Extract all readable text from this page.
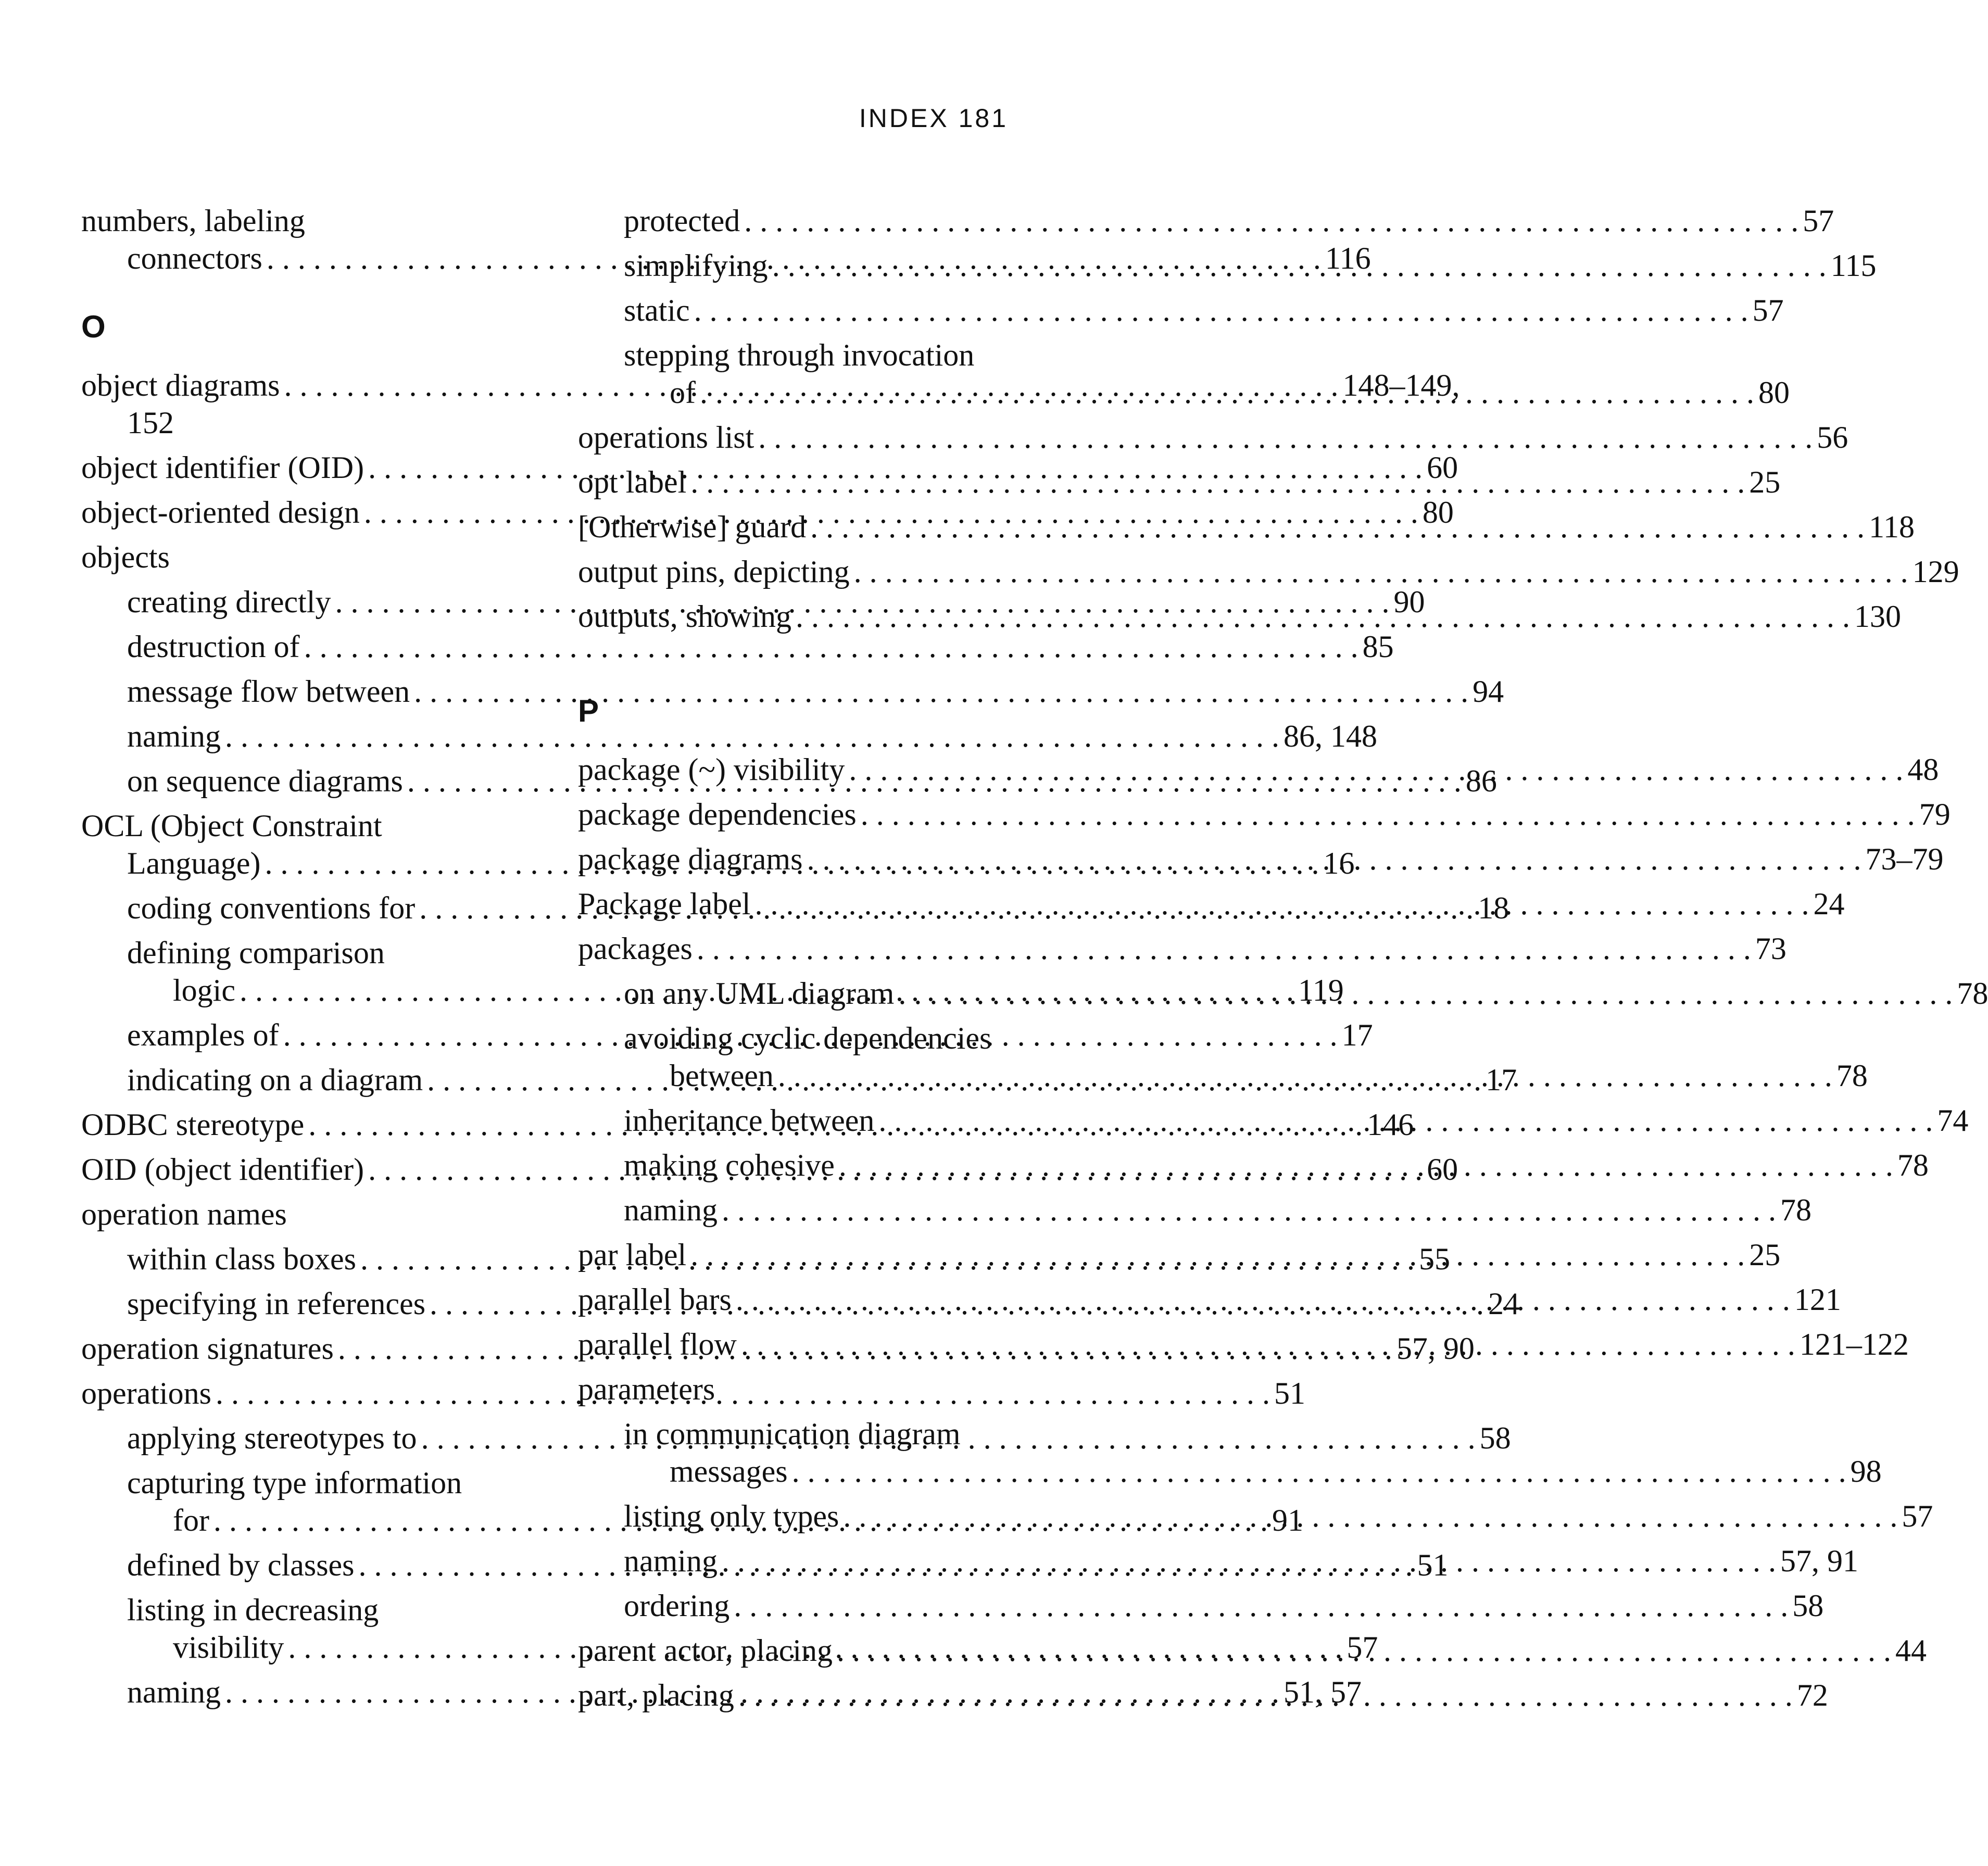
INDEX 181
numbers, labeling
connectors . . .	116
O
object diagrams . . .	148–149,
152
object identifier (OID) . . .	60
object-oriented design . . .	80
objects
creating directly . . .	90
destruction of . . .	85
message flow between . . .	94
naming . . .	86, 148
on sequence diagrams . . .	86
OCL (Object Constraint
Language) . . .	16
coding conventions for . . .	18
defining comparison
logic . . .	119
examples of . . .	17
indicating on a diagram . . .	17
ODBC stereotype . . .	146
OID (object identifier) . . .	60
operation names
within class boxes . . .	55
specifying in references . . .	24
operation signatures . . .	57, 90
operations . . .	51
applying stereotypes to . . .	58
capturing type information
for . . .	91
defined by classes . . .	51
listing in decreasing
visibility . . .	57
naming . . .	51, 57
protected . . .	57
simplifying . . .	115
static . . .	57
stepping through invocation
of . . .	80
operations list . . .	56
opt label . . .	25
[Otherwise] guard . . .	118
output pins, depicting . . .	129
outputs, showing . . .	130
P
package (~) visibility . . .	48
package dependencies . . .	79
package diagrams . . .	73–79
Package label . . .	24
packages . . .	73
on any UML diagram . . .	78
avoiding cyclic dependencies
between . . .	78
inheritance between . . .	74
making cohesive . . .	78
naming . . .	78
par label . . .	25
parallel bars . . .	121
parallel flow . . .	121–122
parameters
in communication diagram
messages . . .	98
listing only types . . .	57
naming . . .	57, 91
ordering . . .	58
parent actor, placing . . .	44
part, placing . . .	72
